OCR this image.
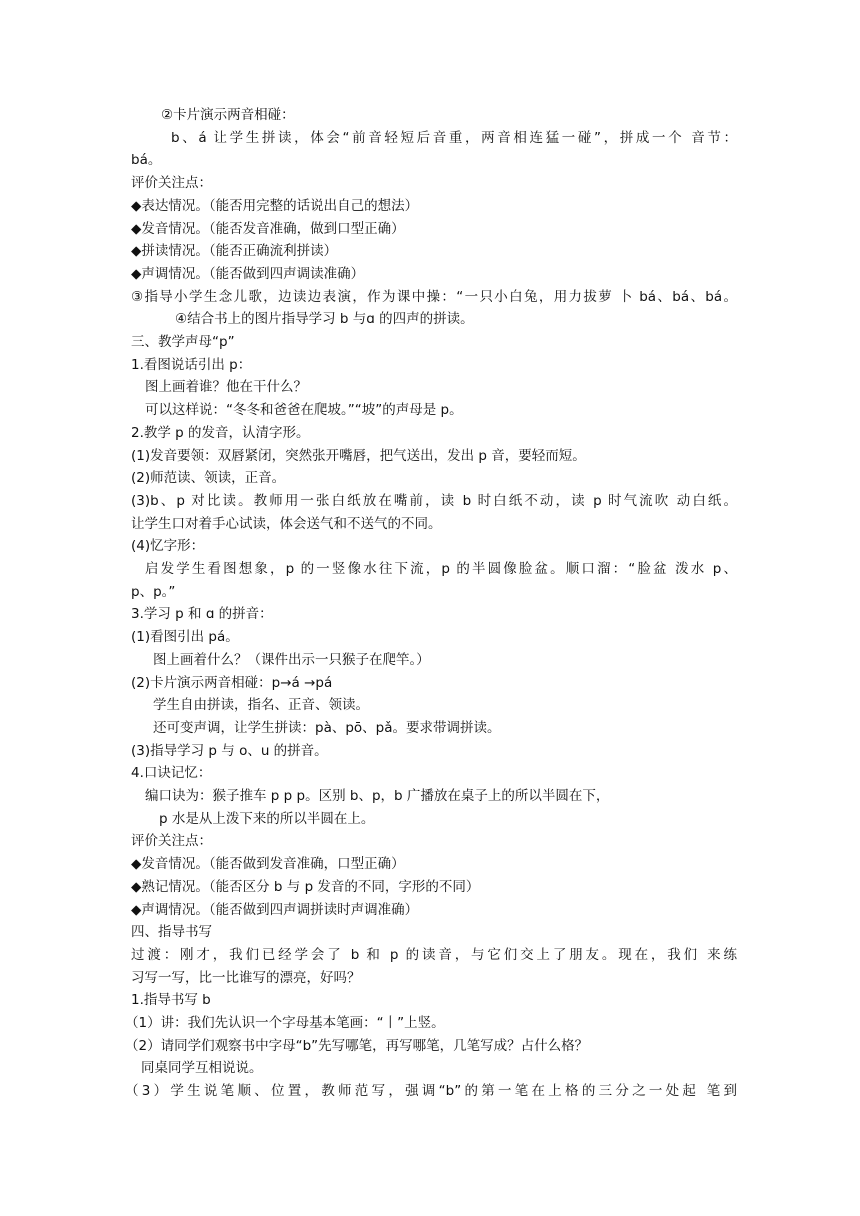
②卡片演示两音相碰：
b、á 让学生拼读，体会“前音轻短后音重，两音相连猛一碰”，拼成一个 音节：
bá。
评价关注点：
◆表达情况。（能否用完整的话说出自己的想法）
◆发音情况。（能否发音准确，做到口型正确）
◆拼读情况。（能否正确流利拼读）
◆声调情况。（能否做到四声调读准确）
③指导小学生念儿歌，边读边表演，作为课中操：“一只小白兔，用力拔萝 卜 bá、bá、bá。
④结合书上的图片指导学习 b 与ɑ 的四声的拼读。
三、教学声母“p”
1.看图说话引出 p：
图上画着谁？他在干什么？
可以这样说：“冬冬和爸爸在爬坡。”“坡”的声母是 p。
2.教学 p 的发音，认清字形。
(1)发音要领：双唇紧闭，突然张开嘴唇，把气送出，发出 p 音，要轻而短。
(2)师范读、领读，正音。
(3)b、p 对比读。教师用一张白纸放在嘴前，读 b 时白纸不动，读 p 时气流吹 动白纸。
让学生口对着手心试读，体会送气和不送气的不同。
(4)忆字形：
启发学生看图想象，p 的一竖像水往下流，p 的半圆像脸盆。顺口溜：“脸盆 泼水 p、
p、p。”
3.学习 p 和 ɑ 的拼音：
(1)看图引出 pá。
图上画着什么？（课件出示一只猴子在爬竿。）
(2)卡片演示两音相碰：p→á →pá
学生自由拼读，指名、正音、领读。
还可变声调，让学生拼读：pà、pō、pǎ。要求带调拼读。
(3)指导学习 p 与 o、u 的拼音。
4.口诀记忆：
编口诀为：猴子推车 p p p。区别 b、p，b 广播放在桌子上的所以半圆在下，
p 水是从上泼下来的所以半圆在上。
评价关注点：
◆发音情况。（能否做到发音准确，口型正确）
◆熟记情况。（能否区分 b 与 p 发音的不同，字形的不同）
◆声调情况。（能否做到四声调拼读时声调准确）
四、指导书写
过渡：刚才，我们已经学会了 b 和 p 的读音，与它们交上了朋友。现在，我们 来练
习写一写，比一比谁写的漂亮，好吗？
1.指导书写 b
（1）讲：我们先认识一个字母基本笔画：“丨”上竖。
（2）请同学们观察书中字母“b”先写哪笔，再写哪笔，几笔写成？占什么格？
同桌同学互相说说。
（3）学生说笔顺、位置，教师范写，强调“b”的第一笔在上格的三分之一处起 笔到
